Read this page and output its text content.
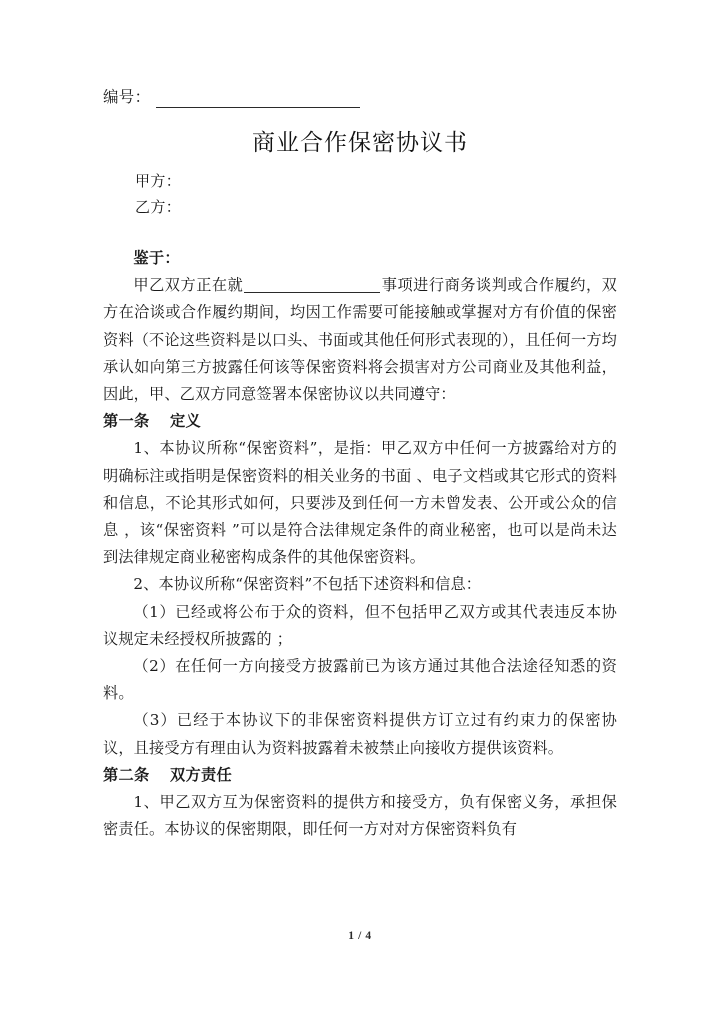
编号：
商业合作保密协议书
甲方：
乙方：
鉴于：

甲乙双方正在就	事项进行商务谈判或合作履约，双方在洽谈或合作履约期间，均因工作需要可能接触或掌握对方有价值的保密资料（不论这些资料是以口头、书面或其他任何形式表现的），且任何一方均承认如向第三方披露任何该等保密资料将会损害对方公司商业及其他利益，因此，甲、乙双方同意签署本保密协议以共同遵守：

第一条 定义

1、本协议所称“保密资料”，是指：甲乙双方中任何一方披露给对方的明确标注或指明是保密资料的相关业务的书面 、电子文档或其它形式的资料和信息，不论其形式如何，只要涉及到任何一方未曾发表、公开或公众的信息 ，该“保密资料 ”可以是符合法律规定条件的商业秘密，也可以是尚未达到法律规定商业秘密构成条件的其他保密资料。

2、本协议所称“保密资料”不包括下述资料和信息：

（1）已经或将公布于众的资料，但不包括甲乙双方或其代表违反本协议规定未经授权所披露的 ；

（2）在任何一方向接受方披露前已为该方通过其他合法途径知悉的资料。

（3）已经于本协议下的非保密资料提供方订立过有约束力的保密协议，且接受方有理由认为资料披露着未被禁止向接收方提供该资料。

第二条 双方责任

1、甲乙双方互为保密资料的提供方和接受方，负有保密义务，承担保密责任。本协议的保密期限，即任何一方对对方保密资料负有

1 / 4
